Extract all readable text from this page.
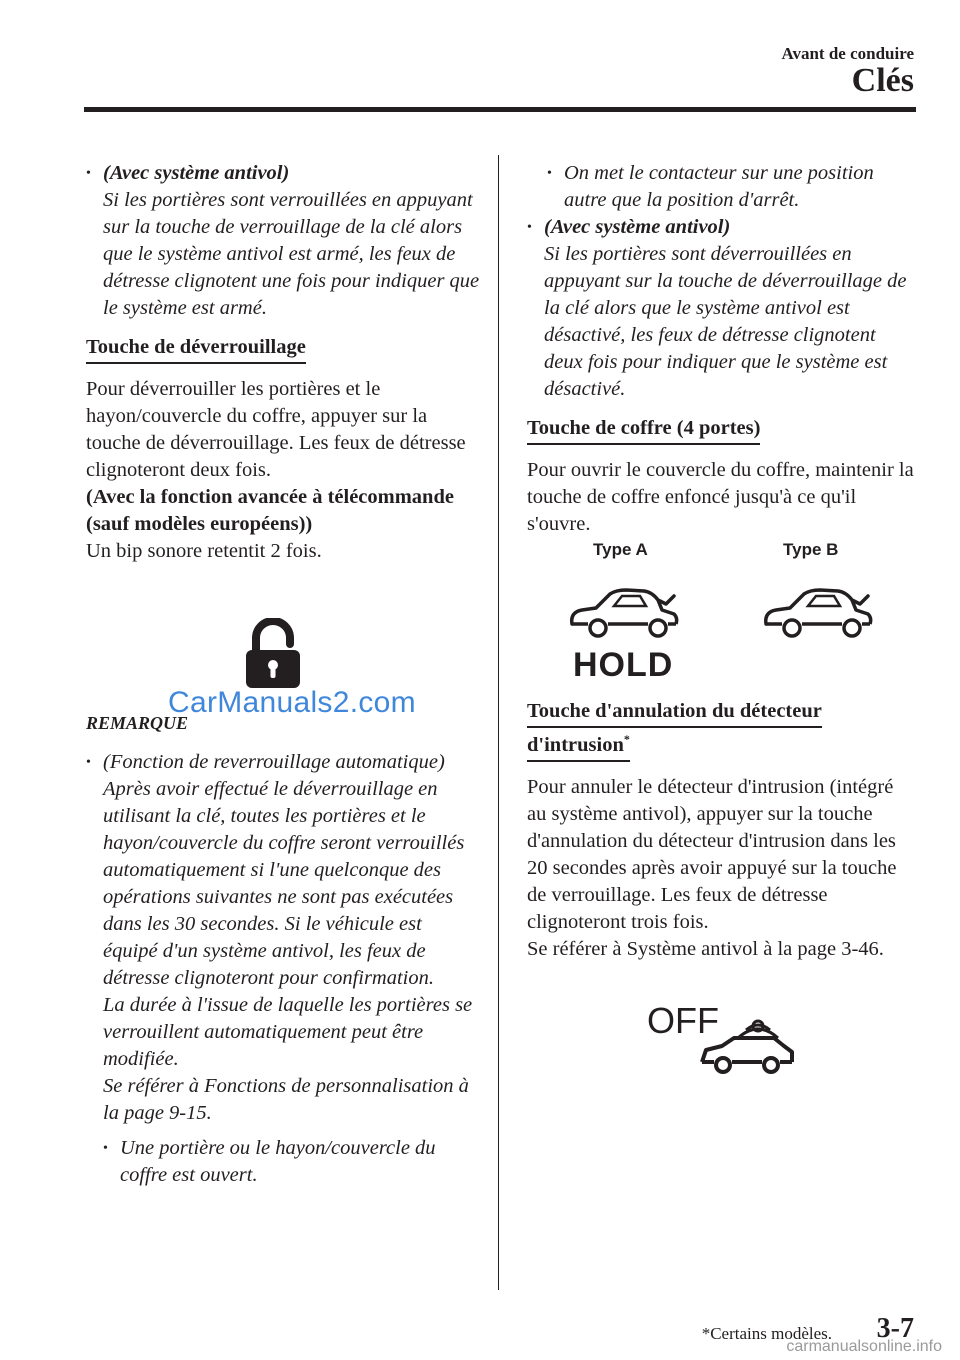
Avant de conduire
Clés
• (Avec système antivol)
Si les portières sont verrouillées en appuyant sur la touche de verrouillage de la clé alors que le système antivol est armé, les feux de détresse clignotent une fois pour indiquer que le système est armé.
Touche de déverrouillage
Pour déverrouiller les portières et le hayon/couvercle du coffre, appuyer sur la touche de déverrouillage. Les feux de détresse clignoteront deux fois.
(Avec la fonction avancée à télécommande (sauf modèles européens))
Un bip sonore retentit 2 fois.
CarManuals2.com
REMARQUE
• (Fonction de reverrouillage automatique)
Après avoir effectué le déverrouillage en utilisant la clé, toutes les portières et le hayon/couvercle du coffre seront verrouillés automatiquement si l'une quelconque des opérations suivantes ne sont pas exécutées dans les 30 secondes. Si le véhicule est équipé d'un système antivol, les feux de détresse clignoteront pour confirmation.
La durée à l'issue de laquelle les portières se verrouillent automatiquement peut être modifiée.
Se référer à Fonctions de personnalisation à la page 9-15.
• Une portière ou le hayon/couvercle du coffre est ouvert.
• On met le contacteur sur une position autre que la position d'arrêt.
• (Avec système antivol)
Si les portières sont déverrouillées en appuyant sur la touche de déverrouillage de la clé alors que le système antivol est désactivé, les feux de détresse clignotent deux fois pour indiquer que le système est désactivé.
Touche de coffre (4 portes)
Pour ouvrir le couvercle du coffre, maintenir la touche de coffre enfoncé jusqu'à ce qu'il s'ouvre.
Type A	Type B
HOLD
Touche d'annulation du détecteur
d'intrusion*
Pour annuler le détecteur d'intrusion (intégré au système antivol), appuyer sur la touche d'annulation du détecteur d'intrusion dans les 20 secondes après avoir appuyé sur la touche de verrouillage. Les feux de détresse clignoteront trois fois.
Se référer à Système antivol à la page 3-46.
OFF
*Certains modèles. 3-7
carmanualsonline.info
